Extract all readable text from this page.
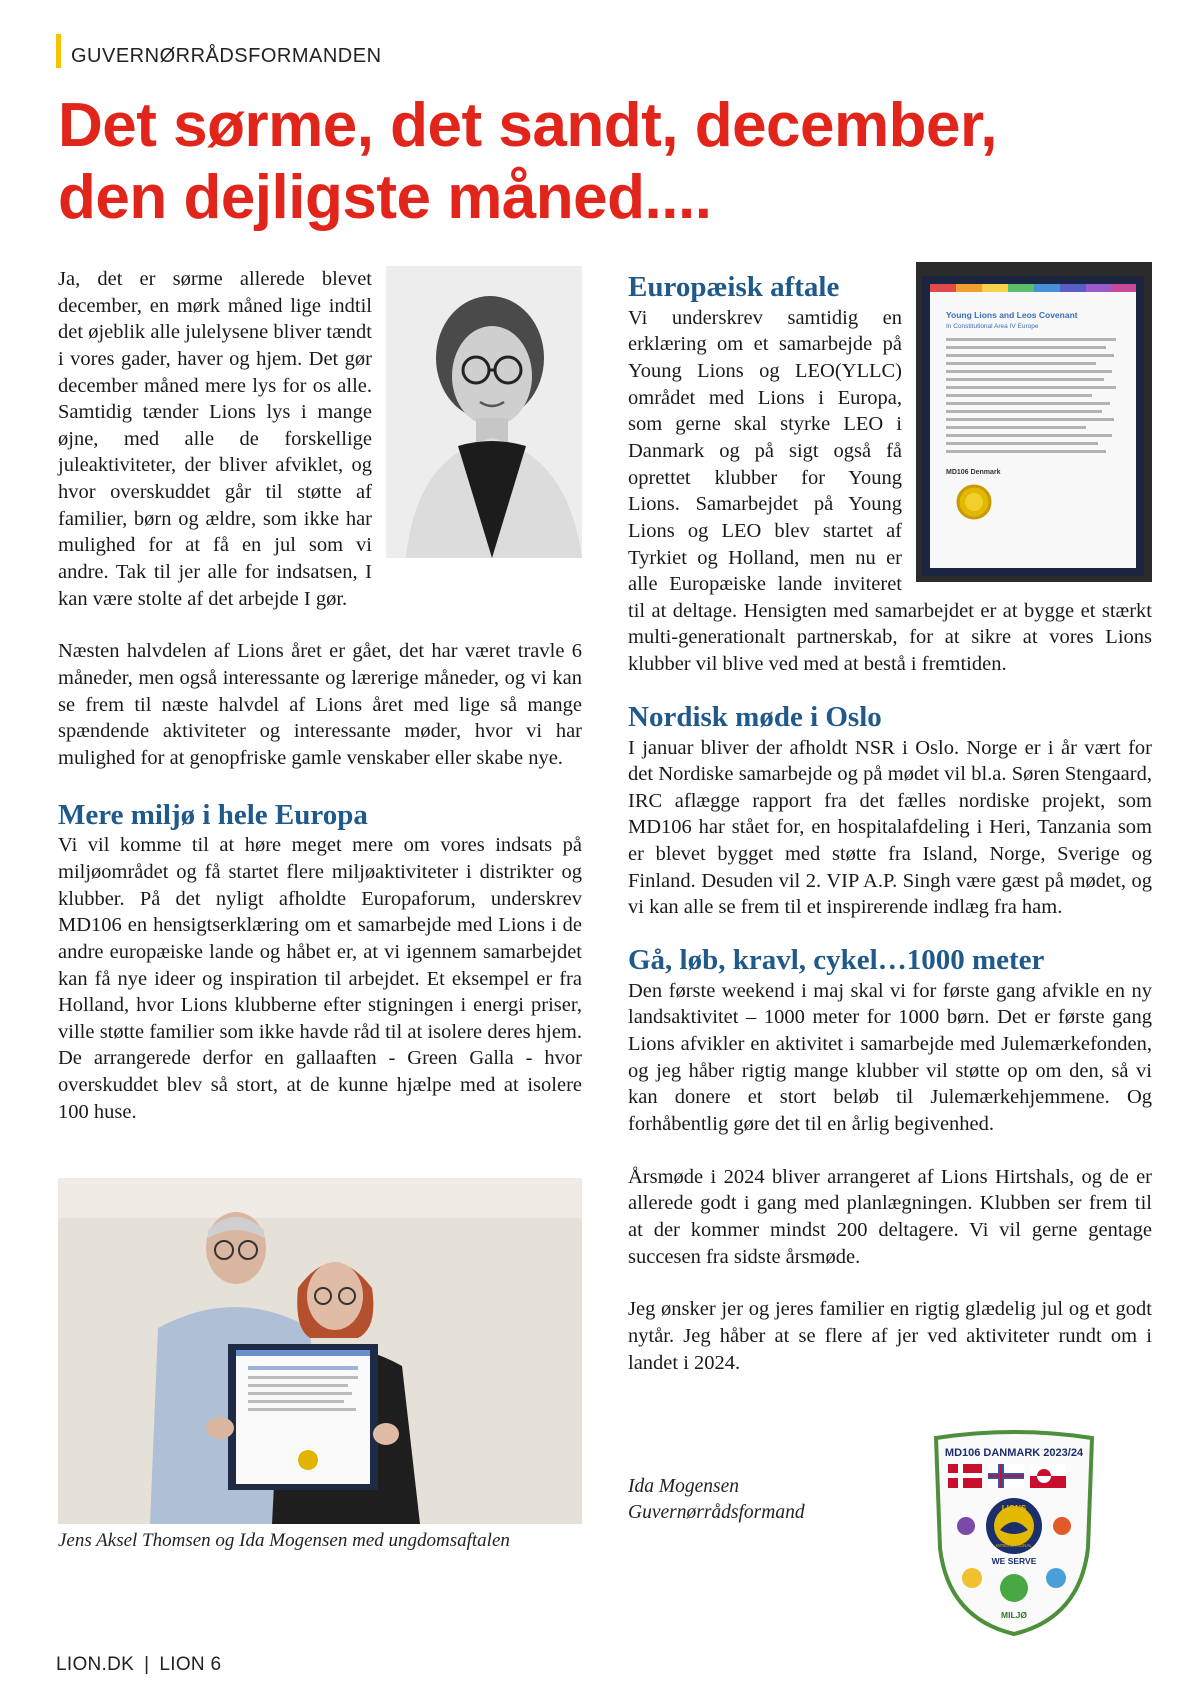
GUVERNØRRÅDSFORMANDEN
Det sørme, det sandt, december,
den dejligste måned....

Ja, det er sørme allerede blevet december, en mørk måned lige indtil det øjeblik alle julelysene bliver tændt i vores gader, haver og hjem. Det gør december måned mere lys for os alle. Samtidig tænder Lions lys i mange øjne, med alle de forskellige juleaktiviteter, der bliver afviklet, og hvor overskuddet går til støtte af familier, børn og ældre, som ikke har mulighed for at få en jul som vi andre. Tak til jer alle for indsatsen, I kan være stolte af det arbejde I gør.

Næsten halvdelen af Lions året er gået, det har været travle 6 måneder, men også interessante og lærerige måneder, og vi kan se frem til næste halvdel af Lions året med lige så mange spændende aktiviteter og interessante møder, hvor vi har mulighed for at genopfriske gamle venskaber eller skabe nye.

Mere miljø i hele Europa

Vi vil komme til at høre meget mere om vores indsats på miljøområdet og få startet flere miljøaktiviteter i distrikter og klubber. På det nyligt afholdte Europaforum, underskrev MD106 en hensigtserklæring om et samarbejde med Lions i de andre europæiske lande og håbet er, at vi igennem samarbejdet kan få nye ideer og inspiration til arbejdet. Et eksempel er fra Holland, hvor Lions klubberne efter stigningen i energi priser, ville støtte familier som ikke havde råd til at isolere deres hjem. De arrangerede derfor en gallaaften - Green Galla - hvor overskuddet blev så stort, at de kunne hjælpe med at isolere 100 huse.

Jens Aksel Thomsen og Ida Mogensen med ungdomsaftalen
Young Lions and Leos Covenant
In Constitutional Area IV Europe
MD106 Denmark
Europæisk aftale

Vi underskrev samtidig en erklæring om et samarbejde på Young Lions og LEO(YLLC) området med Lions i Europa, som gerne skal styrke LEO i Danmark og på sigt også få oprettet klubber for Young Lions. Samarbejdet på Young Lions og LEO blev startet af Tyrkiet og Holland, men nu er alle Europæiske lande inviteret til at deltage. Hensigten med samarbejdet er at bygge et stærkt multi-generationalt partnerskab, for at sikre at vores Lions klubber vil blive ved med at bestå i fremtiden.

Nordisk møde i Oslo

I januar bliver der afholdt NSR i Oslo. Norge er i år vært for det Nordiske samarbejde og på mødet vil bl.a. Søren Stengaard, IRC aflægge rapport fra det fælles nordiske projekt, som MD106 har stået for, en hospitalafdeling i Heri, Tanzania som er blevet bygget med støtte fra Island, Norge, Sverige og Finland. Desuden vil 2. VIP A.P. Singh være gæst på mødet, og vi kan alle se frem til et inspirerende indlæg fra ham.

Gå, løb, kravl, cykel…1000 meter

Den første weekend i maj skal vi for første gang afvikle en ny landsaktivitet – 1000 meter for 1000 børn. Det er første gang Lions afvikler en aktivitet i samarbejde med Julemærkefonden, og jeg håber rigtig mange klubber vil støtte op om den, så vi kan donere et stort beløb til Julemærkehjemmene. Og forhåbentlig gøre det til en årlig begivenhed.

Årsmøde i 2024 bliver arrangeret af Lions Hirtshals, og de er allerede godt i gang med planlægningen. Klubben ser frem til at der kommer mindst 200 deltagere. Vi vil gerne gentage succesen fra sidste årsmøde.

Jeg ønsker jer og jeres familier en rigtig glædelig jul og et godt nytår. Jeg håber at se flere af jer ved aktiviteter rundt om i landet i 2024.

Ida Mogensen
Guvernørrådsformand
MD106 DANMARK 2023/24
LIONS
INTERNATIONAL
WE SERVE
MILJØ
LION.DK | LION 6
